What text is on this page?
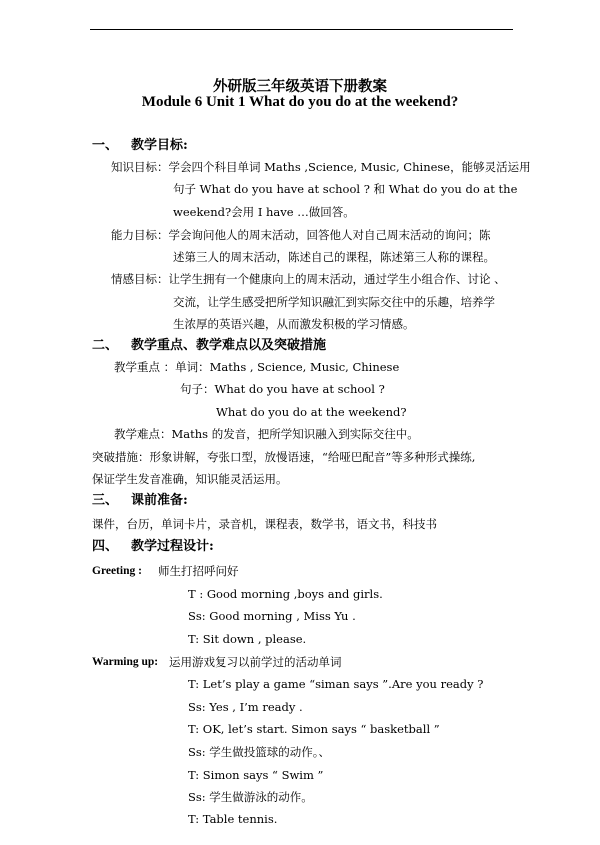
外研版三年级英语下册教案
Module 6 Unit 1 What do you do at the weekend?
一、 教学目标:
知识目标：学会四个科目单词 Maths ,Science, Music, Chinese，能够灵活运用
句子 What do you have at school ? 和 What do you do at the
weekend?会用 I have …做回答。
能力目标：学会询问他人的周末活动，回答他人对自己周末活动的询问；陈
述第三人的周末活动，陈述自己的课程，陈述第三人称的课程。
情感目标：让学生拥有一个健康向上的周末活动，通过学生小组合作、讨论 、
交流，让学生感受把所学知识融汇到实际交往中的乐趣，培养学
生浓厚的英语兴趣，从而激发积极的学习情感。
二、 教学重点、教学难点以及突破措施
教学重点 ：单词：Maths , Science, Music, Chinese
句子：What do you have at school ?
What do you do at the weekend?
教学难点：Maths 的发音，把所学知识融入到实际交往中。
突破措施：形象讲解，夸张口型，放慢语速，“给哑巴配音”等多种形式操练,
保证学生发音准确，知识能灵活运用。
三、 课前准备:
课件，台历，单词卡片，录音机，课程表，数学书，语文书，科技书
四、 教学过程设计:
Greeting : 师生打招呼问好
T : Good morning ,boys and girls.
Ss: Good morning , Miss Yu .
T: Sit down , please.
Warming up: 运用游戏复习以前学过的活动单词
T: Let’s play a game “siman says ”.Are you ready ?
Ss: Yes , I’m ready .
T: OK, let’s start. Simon says “ basketball ”
Ss: 学生做投篮球的动作。、
T: Simon says “ Swim ”
Ss: 学生做游泳的动作。
T: Table tennis.
